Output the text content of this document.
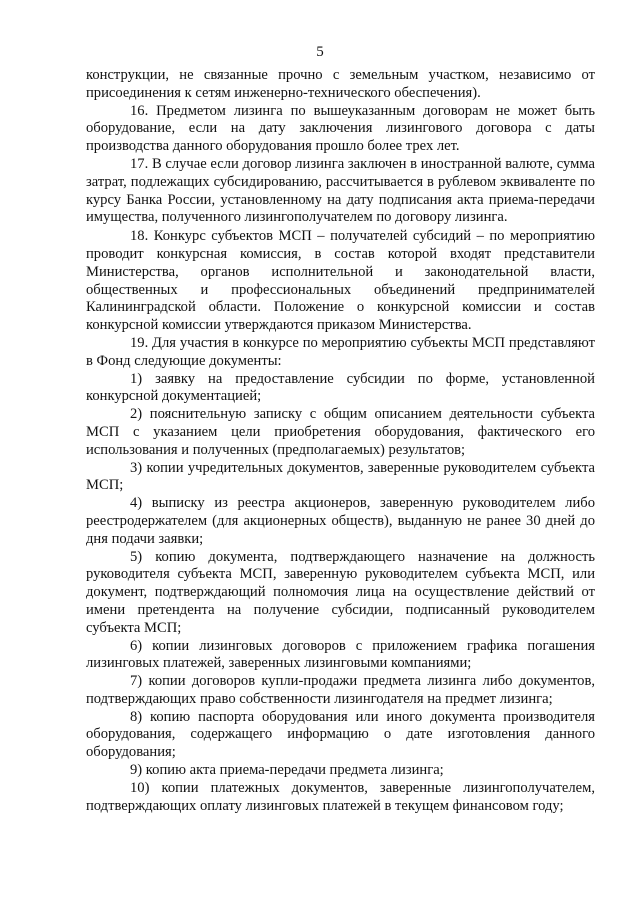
5

конструкции, не связанные прочно с земельным участком, независимо от присоединения к сетям инженерно-технического обеспечения).

16. Предметом лизинга по вышеуказанным договорам не может быть оборудование, если на дату заключения лизингового договора с даты производства данного оборудования прошло более трех лет.

17. В случае если договор лизинга заключен в иностранной валюте, сумма затрат, подлежащих субсидированию, рассчитывается в рублевом эквиваленте по курсу Банка России, установленному на дату подписания акта приема-передачи имущества, полученного лизингополучателем по договору лизинга.

18. Конкурс субъектов МСП – получателей субсидий – по мероприятию проводит конкурсная комиссия, в состав которой входят представители Министерства, органов исполнительной и законодательной власти, общественных и профессиональных объединений предпринимателей Калининградской области. Положение о конкурсной комиссии и состав конкурсной комиссии утверждаются приказом Министерства.

19. Для участия в конкурсе по мероприятию субъекты МСП представляют в Фонд следующие документы:

1) заявку на предоставление субсидии по форме, установленной конкурсной документацией;

2) пояснительную записку с общим описанием деятельности субъекта МСП с указанием цели приобретения оборудования, фактического его использования и полученных (предполагаемых) результатов;

3) копии учредительных документов, заверенные руководителем субъекта МСП;

4) выписку из реестра акционеров, заверенную руководителем либо реестродержателем (для акционерных обществ), выданную не ранее 30 дней до дня подачи заявки;

5) копию документа, подтверждающего назначение на должность руководителя субъекта МСП, заверенную руководителем субъекта МСП, или документ, подтверждающий полномочия лица на осуществление действий от имени претендента на получение субсидии, подписанный руководителем субъекта МСП;

6) копии лизинговых договоров с приложением графика погашения лизинговых платежей, заверенных лизинговыми компаниями;

7) копии договоров купли-продажи предмета лизинга либо документов, подтверждающих право собственности лизингодателя на предмет лизинга;

8) копию паспорта оборудования или иного документа производителя оборудования, содержащего информацию о дате изготовления данного оборудования;

9) копию акта приема-передачи предмета лизинга;

10) копии платежных документов, заверенные лизингополучателем, подтверждающих оплату лизинговых платежей в текущем финансовом году;
